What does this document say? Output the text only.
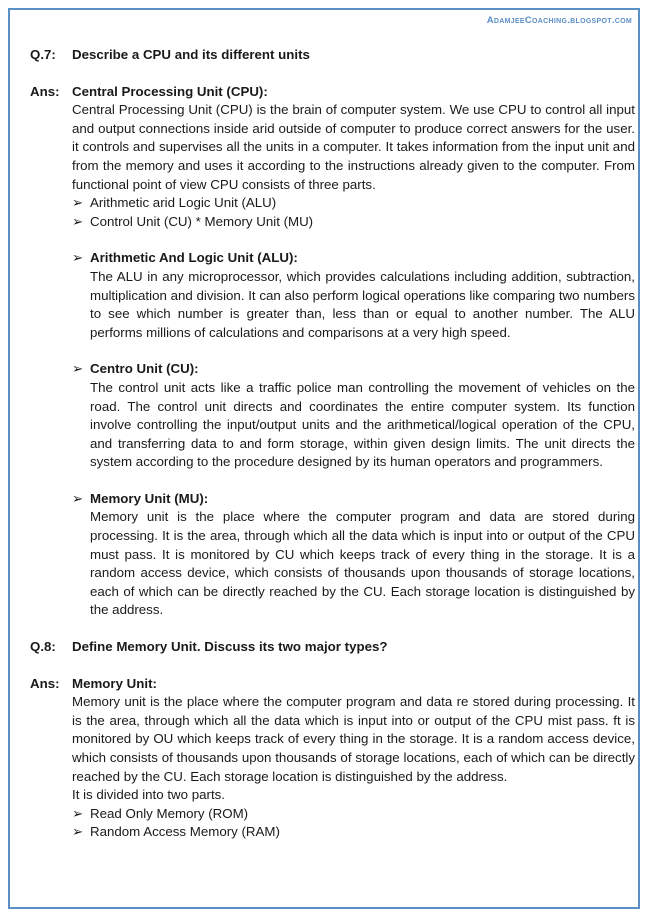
AdamjeeCoaching.blogspot.com
Q.7:	Describe a CPU and its different units
Ans: Central Processing Unit (CPU):
Central Processing Unit (CPU) is the brain of computer system. We use CPU to control all input and output connections inside arid outside of computer to produce correct answers for the user. it controls and supervises all the units in a computer. It takes information from the input unit and from the memory and uses it according to the instructions already given to the computer. From functional point of view CPU consists of three parts.
➢ Arithmetic arid Logic Unit (ALU)
➢ Control Unit (CU) * Memory Unit (MU)
➢ Arithmetic And Logic Unit (ALU):
The ALU in any microprocessor, which provides calculations including addition, subtraction, multiplication and division. It can also perform logical operations like comparing two numbers to see which number is greater than, less than or equal to another number. The ALU performs millions of calculations and comparisons at a very high speed.
➢ Centro Unit (CU):
The control unit acts like a traffic police man controlling the movement of vehicles on the road. The control unit directs and coordinates the entire computer system. Its function involve controlling the input/output units and the arithmetical/logical operation of the CPU, and transferring data to and form storage, within given design limits. The unit directs the system according to the procedure designed by its human operators and programmers.
➢ Memory Unit (MU):
Memory unit is the place where the computer program and data are stored during processing. It is the area, through which all the data which is input into or output of the CPU must pass. It is monitored by CU which keeps track of every thing in the storage. It is a random access device, which consists of thousands upon thousands of storage locations, each of which can be directly reached by the CU. Each storage location is distinguished by the address.
Q.8:	Define Memory Unit. Discuss its two major types?
Ans: Memory Unit:
Memory unit is the place where the computer program and data re stored during processing. It is the area, through which all the data which is input into or output of the CPU mist pass. ft is monitored by OU which keeps track of every thing in the storage. It is a random access device, which consists of thousands upon thousands of storage locations, each of which can be directly reached by the CU. Each storage location is distinguished by the address.
It is divided into two parts.
➢ Read Only Memory (ROM)
➢ Random Access Memory (RAM)
